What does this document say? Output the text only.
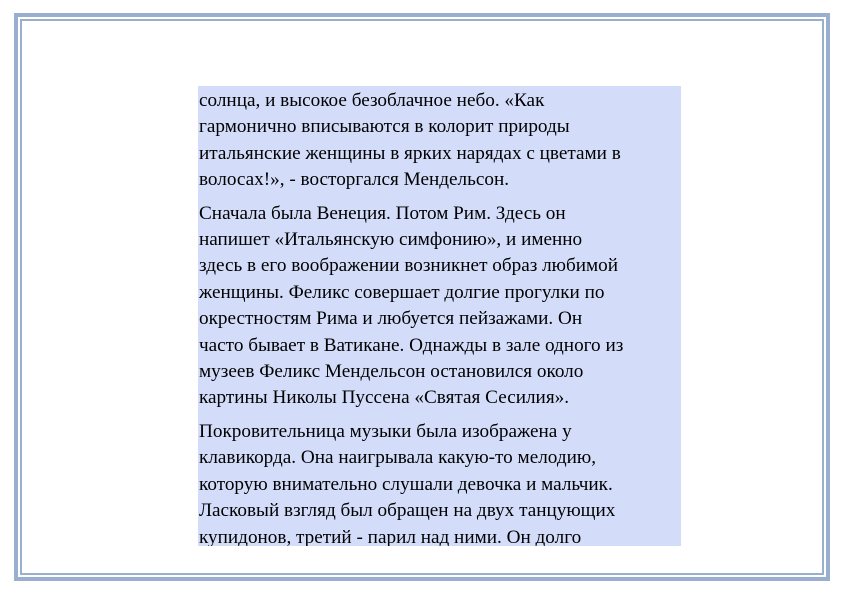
солнца, и высокое безоблачное небо. «Как
гармонично вписываются в колорит природы
итальянские женщины в ярких нарядах с цветами в
волосах!», - восторгался Мендельсон.

Сначала была Венеция. Потом Рим. Здесь он
напишет «Итальянскую симфонию», и именно
здесь в его воображении возникнет образ любимой
женщины. Феликс совершает долгие прогулки по
окрестностям Рима и любуется пейзажами. Он
часто бывает в Ватикане. Однажды в зале одного из
музеев Феликс Мендельсон остановился около
картины Николы Пуссена «Святая Сесилия».

Покровительница музыки была изображена у
клавикорда. Она наигрывала какую-то мелодию,
которую внимательно слушали девочка и мальчик.
Ласковый взгляд был обращен на двух танцующих
купидонов, третий - парил над ними. Он долго
